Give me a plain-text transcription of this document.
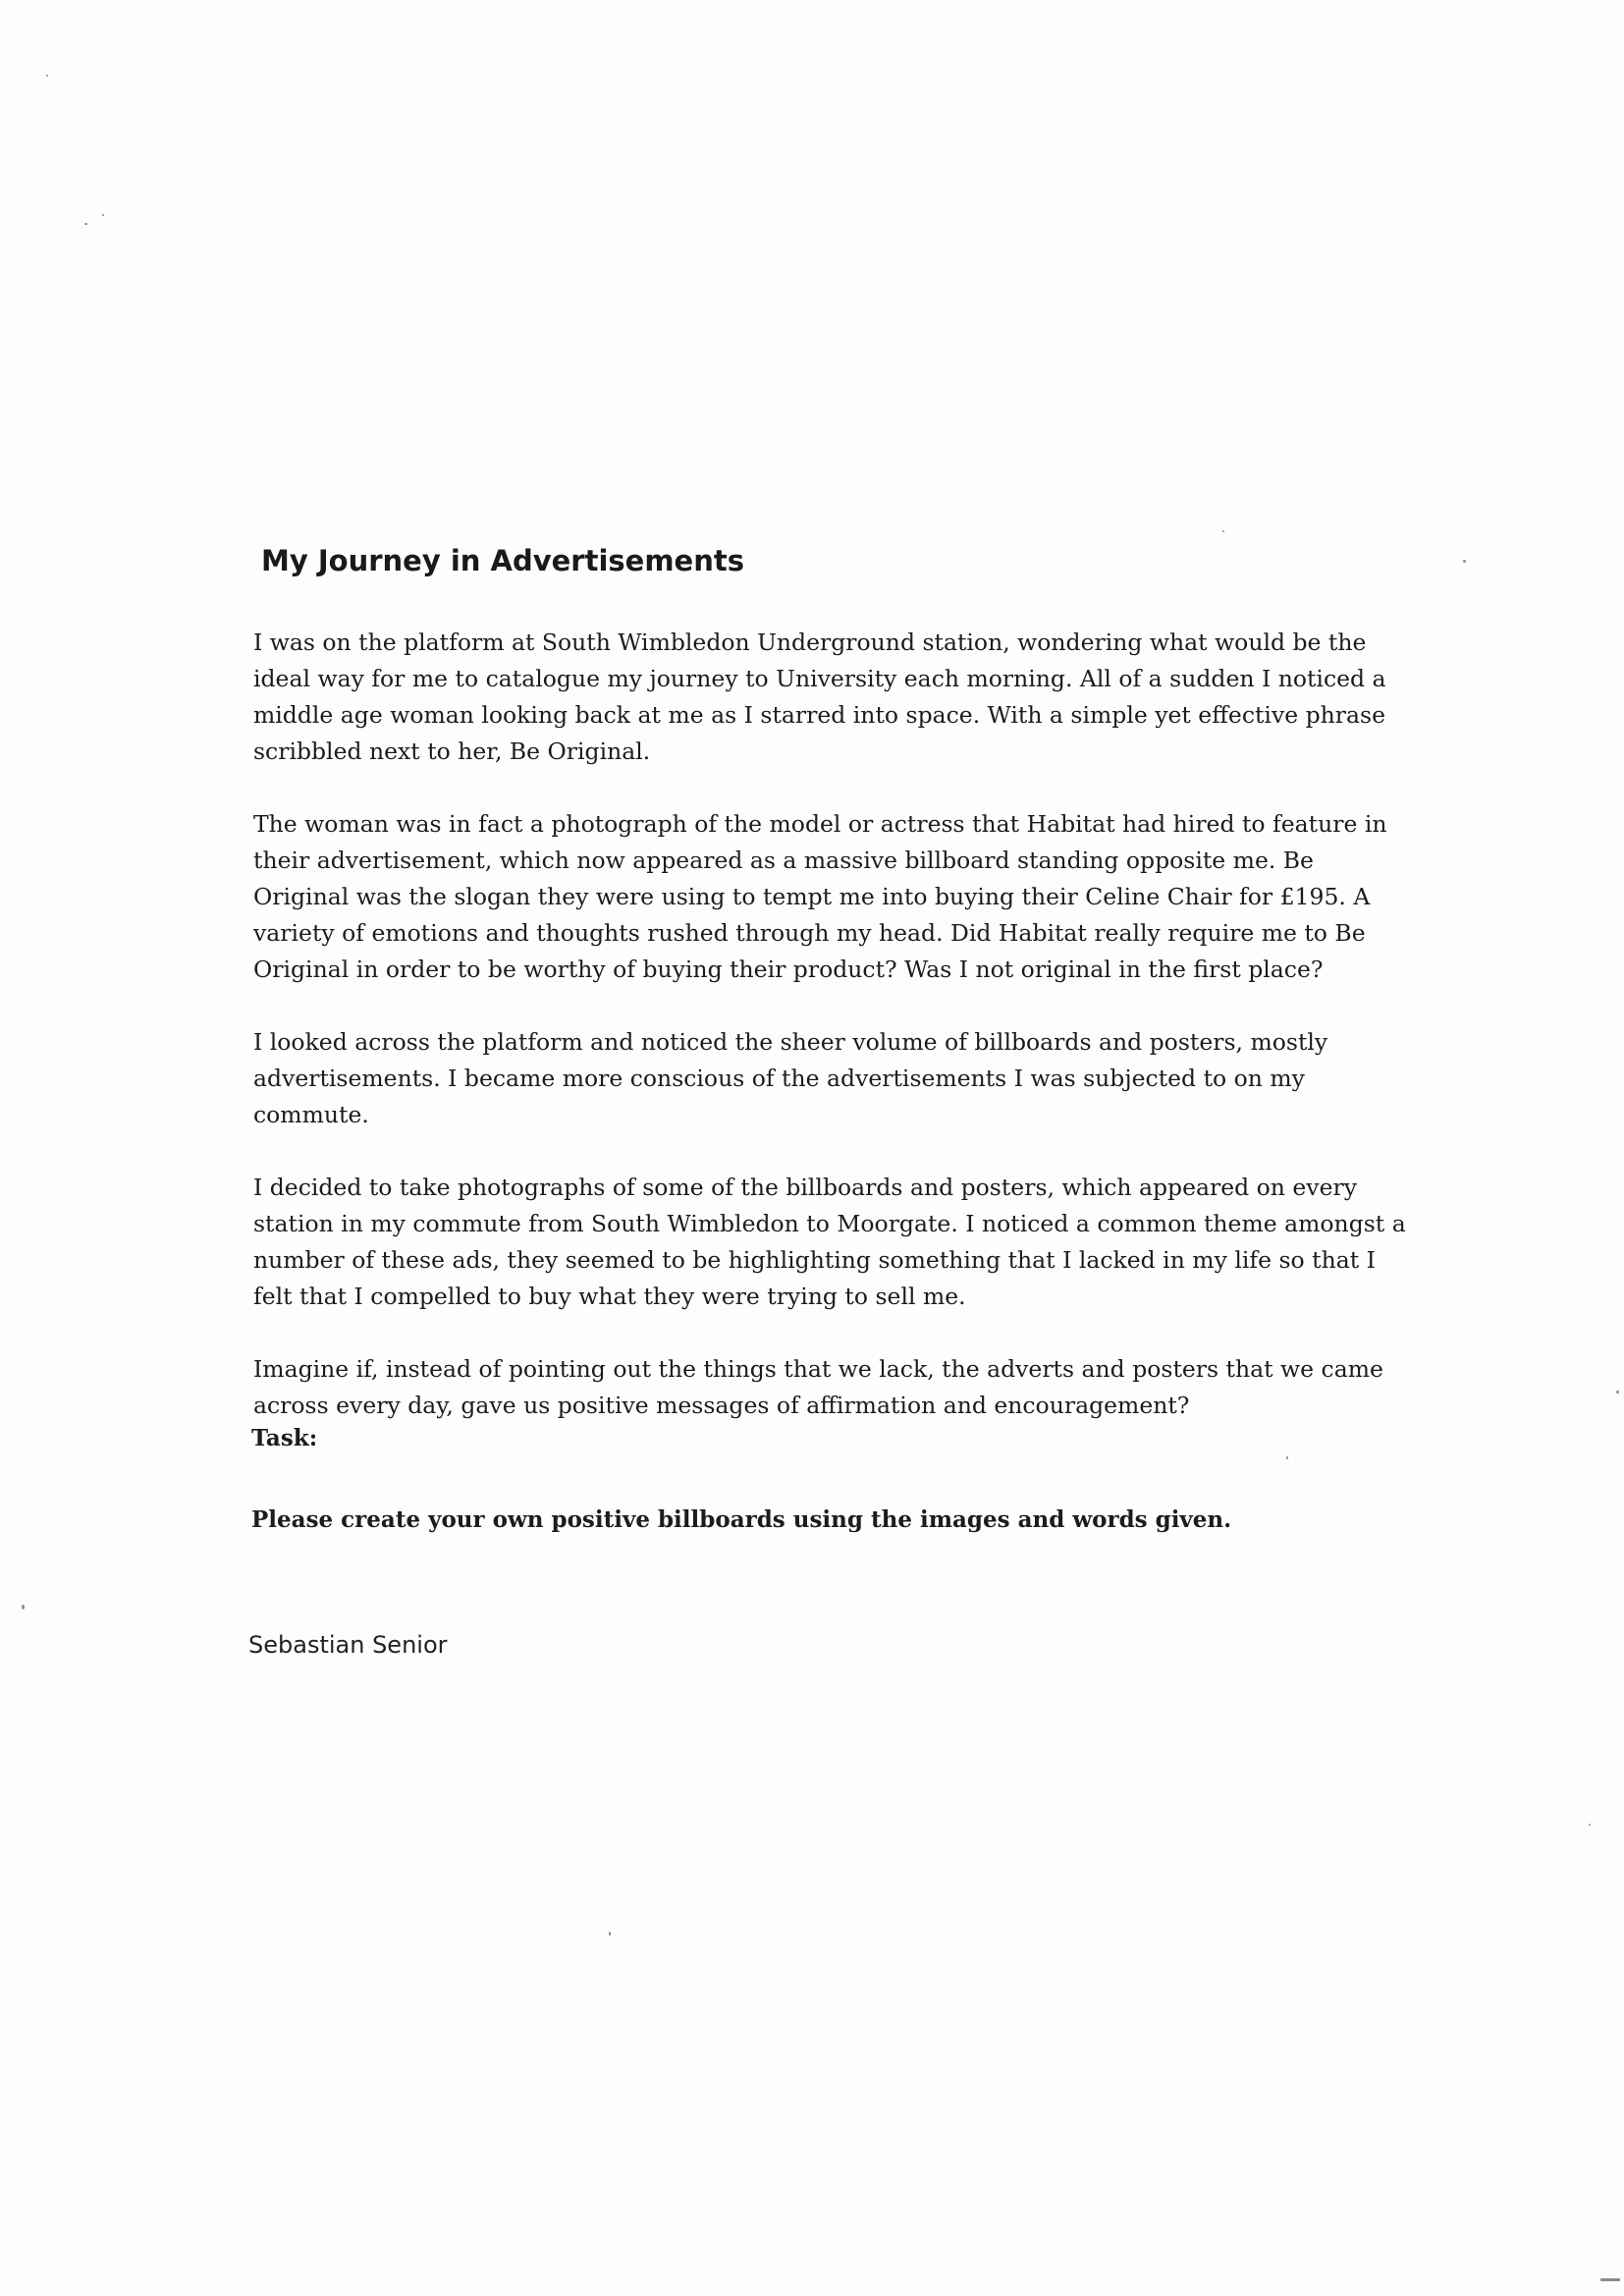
My Journey in Advertisements

I was on the platform at South Wimbledon Underground station, wondering what would be the ideal way for me to catalogue my journey to University each morning. All of a sudden I noticed a middle age woman looking back at me as I starred into space. With a simple yet effective phrase scribbled next to her, Be Original.

The woman was in fact a photograph of the model or actress that Habitat had hired to feature in their advertisement, which now appeared as a massive billboard standing opposite me. Be Original was the slogan they were using to tempt me into buying their Celine Chair for £195. A variety of emotions and thoughts rushed through my head. Did Habitat really require me to Be Original in order to be worthy of buying their product? Was I not original in the first place?

I looked across the platform and noticed the sheer volume of billboards and posters, mostly advertisements. I became more conscious of the advertisements I was subjected to on my commute.

I decided to take photographs of some of the billboards and posters, which appeared on every station in my commute from South Wimbledon to Moorgate. I noticed a common theme amongst a number of these ads, they seemed to be highlighting something that I lacked in my life so that I felt that I compelled to buy what they were trying to sell me.

Imagine if, instead of pointing out the things that we lack, the adverts and posters that we came across every day, gave us positive messages of affirmation and encouragement?

Task:

Please create your own positive billboards using the images and words given.

Sebastian Senior
